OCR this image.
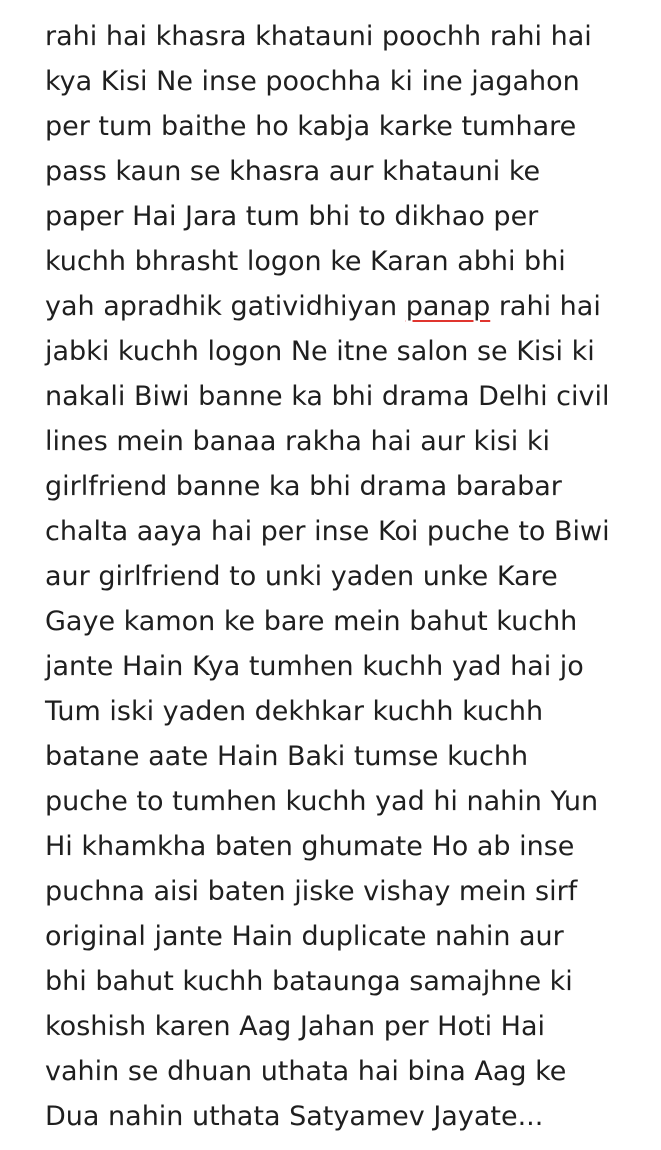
rahi hai khasra khatauni poochh rahi hai
kya Kisi Ne inse poochha ki ine jagahon
per tum baithe ho kabja karke tumhare
pass kaun se khasra aur khatauni ke
paper Hai Jara tum bhi to dikhao per
kuchh bhrasht logon ke Karan abhi bhi
yah apradhik gatividhiyan panap rahi hai
jabki kuchh logon Ne itne salon se Kisi ki
nakali Biwi banne ka bhi drama Delhi civil
lines mein banaa rakha hai aur kisi ki
girlfriend banne ka bhi drama barabar
chalta aaya hai per inse Koi puche to Biwi
aur girlfriend to unki yaden unke Kare
Gaye kamon ke bare mein bahut kuchh
jante Hain Kya tumhen kuchh yad hai jo
Tum iski yaden dekhkar kuchh kuchh
batane aate Hain Baki tumse kuchh
puche to tumhen kuchh yad hi nahin Yun
Hi khamkha baten ghumate Ho ab inse
puchna aisi baten jiske vishay mein sirf
original jante Hain duplicate nahin aur
bhi bahut kuchh bataunga samajhne ki
koshish karen Aag Jahan per Hoti Hai
vahin se dhuan uthata hai bina Aag ke
Dua nahin uthata Satyamev Jayate...
